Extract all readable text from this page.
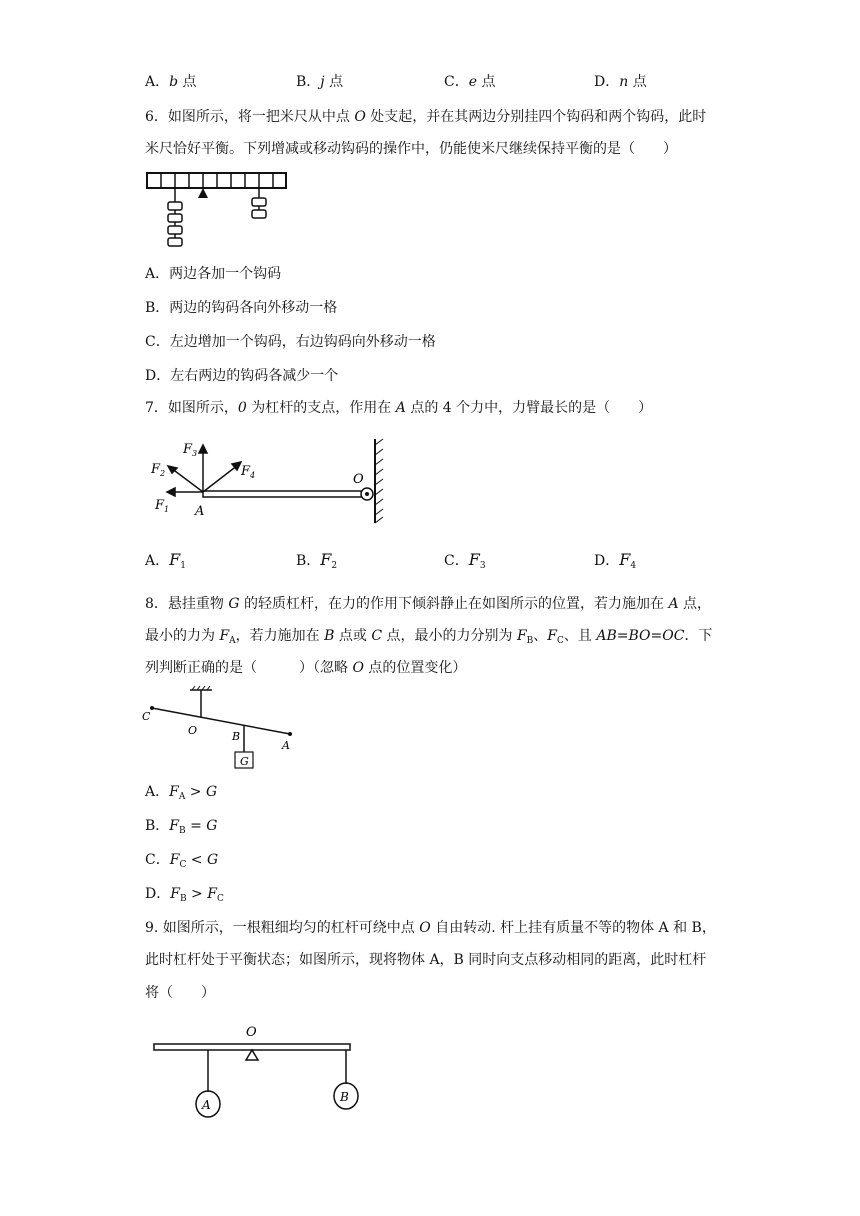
A．b 点	B．j 点	C．e 点	D．n 点
6．如图所示，将一把米尺从中点 O 处支起，并在其两边分别挂四个钩码和两个钩码，此时
米尺恰好平衡。下列增减或移动钩码的操作中，仍能使米尺继续保持平衡的是（　　）
A．两边各加一个钩码
B．两边的钩码各向外移动一格
C．左边增加一个钩码，右边钩码向外移动一格
D．左右两边的钩码各减少一个
7．如图所示，0 为杠杆的支点，作用在 A 点的 4 个力中，力臂最长的是（　　）
$F_2$
$F_3$
$F_4$
$F_1$ A
O
A．$F_1$	B．$F_2$	C．$F_3$	D．$F_4$
8．悬挂重物 G 的轻质杠杆，在力的作用下倾斜静止在如图所示的位置，若力施加在 A 点，
最小的力为 $F_A$，若力施加在 B 点或 C 点，最小的力分别为 $F_B$、$F_C$、且 AB=BO=OC．下
列判断正确的是（　　　）（忽略 O 点的位置变化）
G
C
O	B
A
A．$F_A > G$
B．$F_B = G$
C．$F_C < G$
D．$F_B > F_C$
9. 如图所示，一根粗细均匀的杠杆可绕中点 O 自由转动. 杆上挂有质量不等的物体 A 和 B，
此时杠杆处于平衡状态；如图所示，现将物体 A，B 同时向支点移动相同的距离，此时杠杆
将（　　）
O
A
B
